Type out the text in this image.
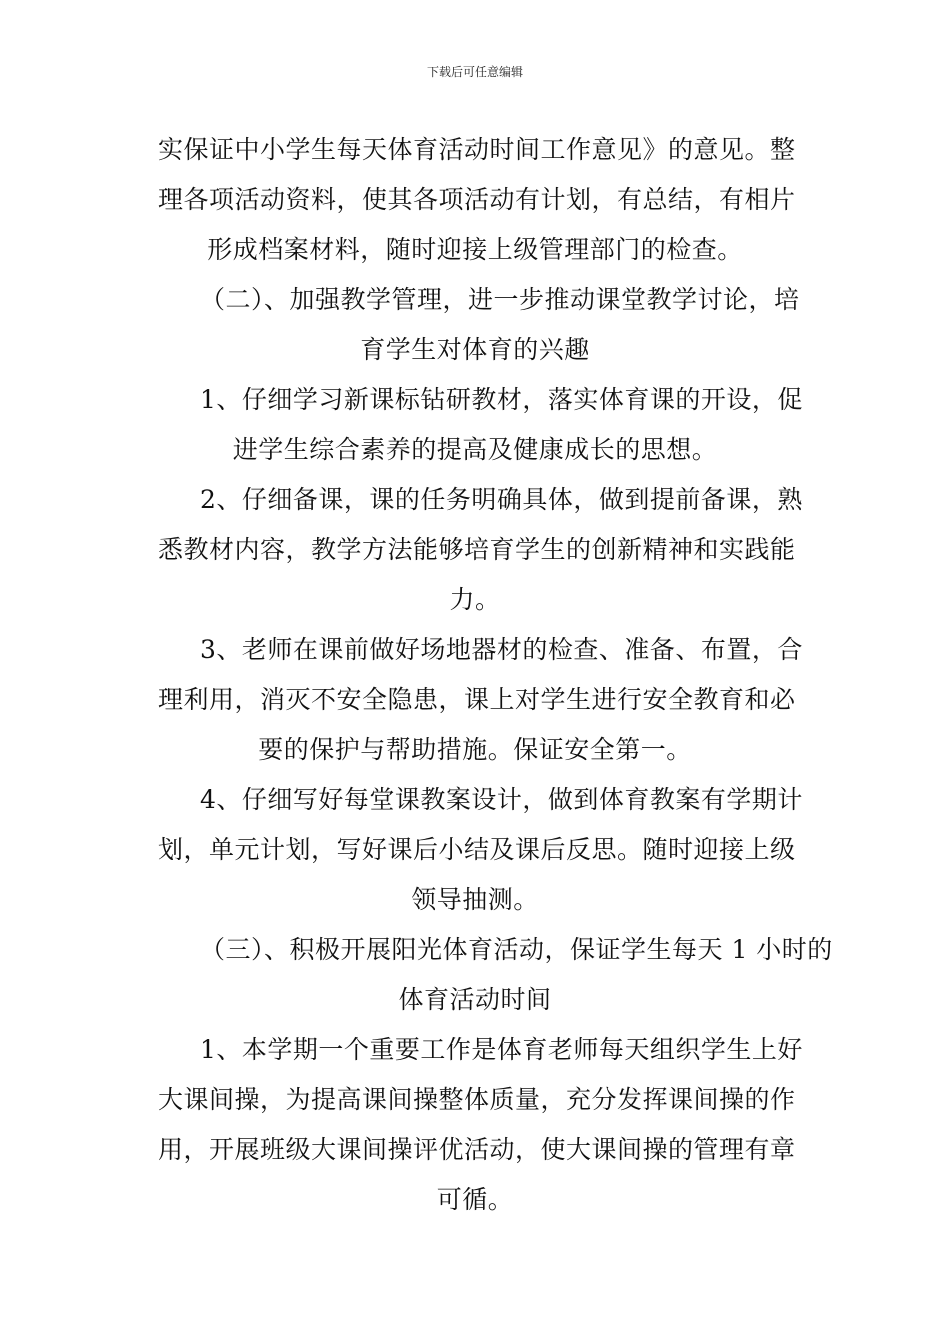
下载后可任意编辑
实保证中小学生每天体育活动时间工作意见》的意见。整
理各项活动资料，使其各项活动有计划，有总结，有相片
形成档案材料，随时迎接上级管理部门的检查。
（二）、加强教学管理，进一步推动课堂教学讨论，培
育学生对体育的兴趣
1、仔细学习新课标钻研教材，落实体育课的开设，促
进学生综合素养的提高及健康成长的思想。
2、仔细备课，课的任务明确具体，做到提前备课，熟
悉教材内容，教学方法能够培育学生的创新精神和实践能
力。
3、老师在课前做好场地器材的检查、准备、布置，合
理利用，消灭不安全隐患，课上对学生进行安全教育和必
要的保护与帮助措施。保证安全第一。
4、仔细写好每堂课教案设计，做到体育教案有学期计
划，单元计划，写好课后小结及课后反思。随时迎接上级
领导抽测。
（三）、积极开展阳光体育活动，保证学生每天 1 小时的
体育活动时间
1、本学期一个重要工作是体育老师每天组织学生上好
大课间操，为提高课间操整体质量，充分发挥课间操的作
用，开展班级大课间操评优活动，使大课间操的管理有章
可循。
